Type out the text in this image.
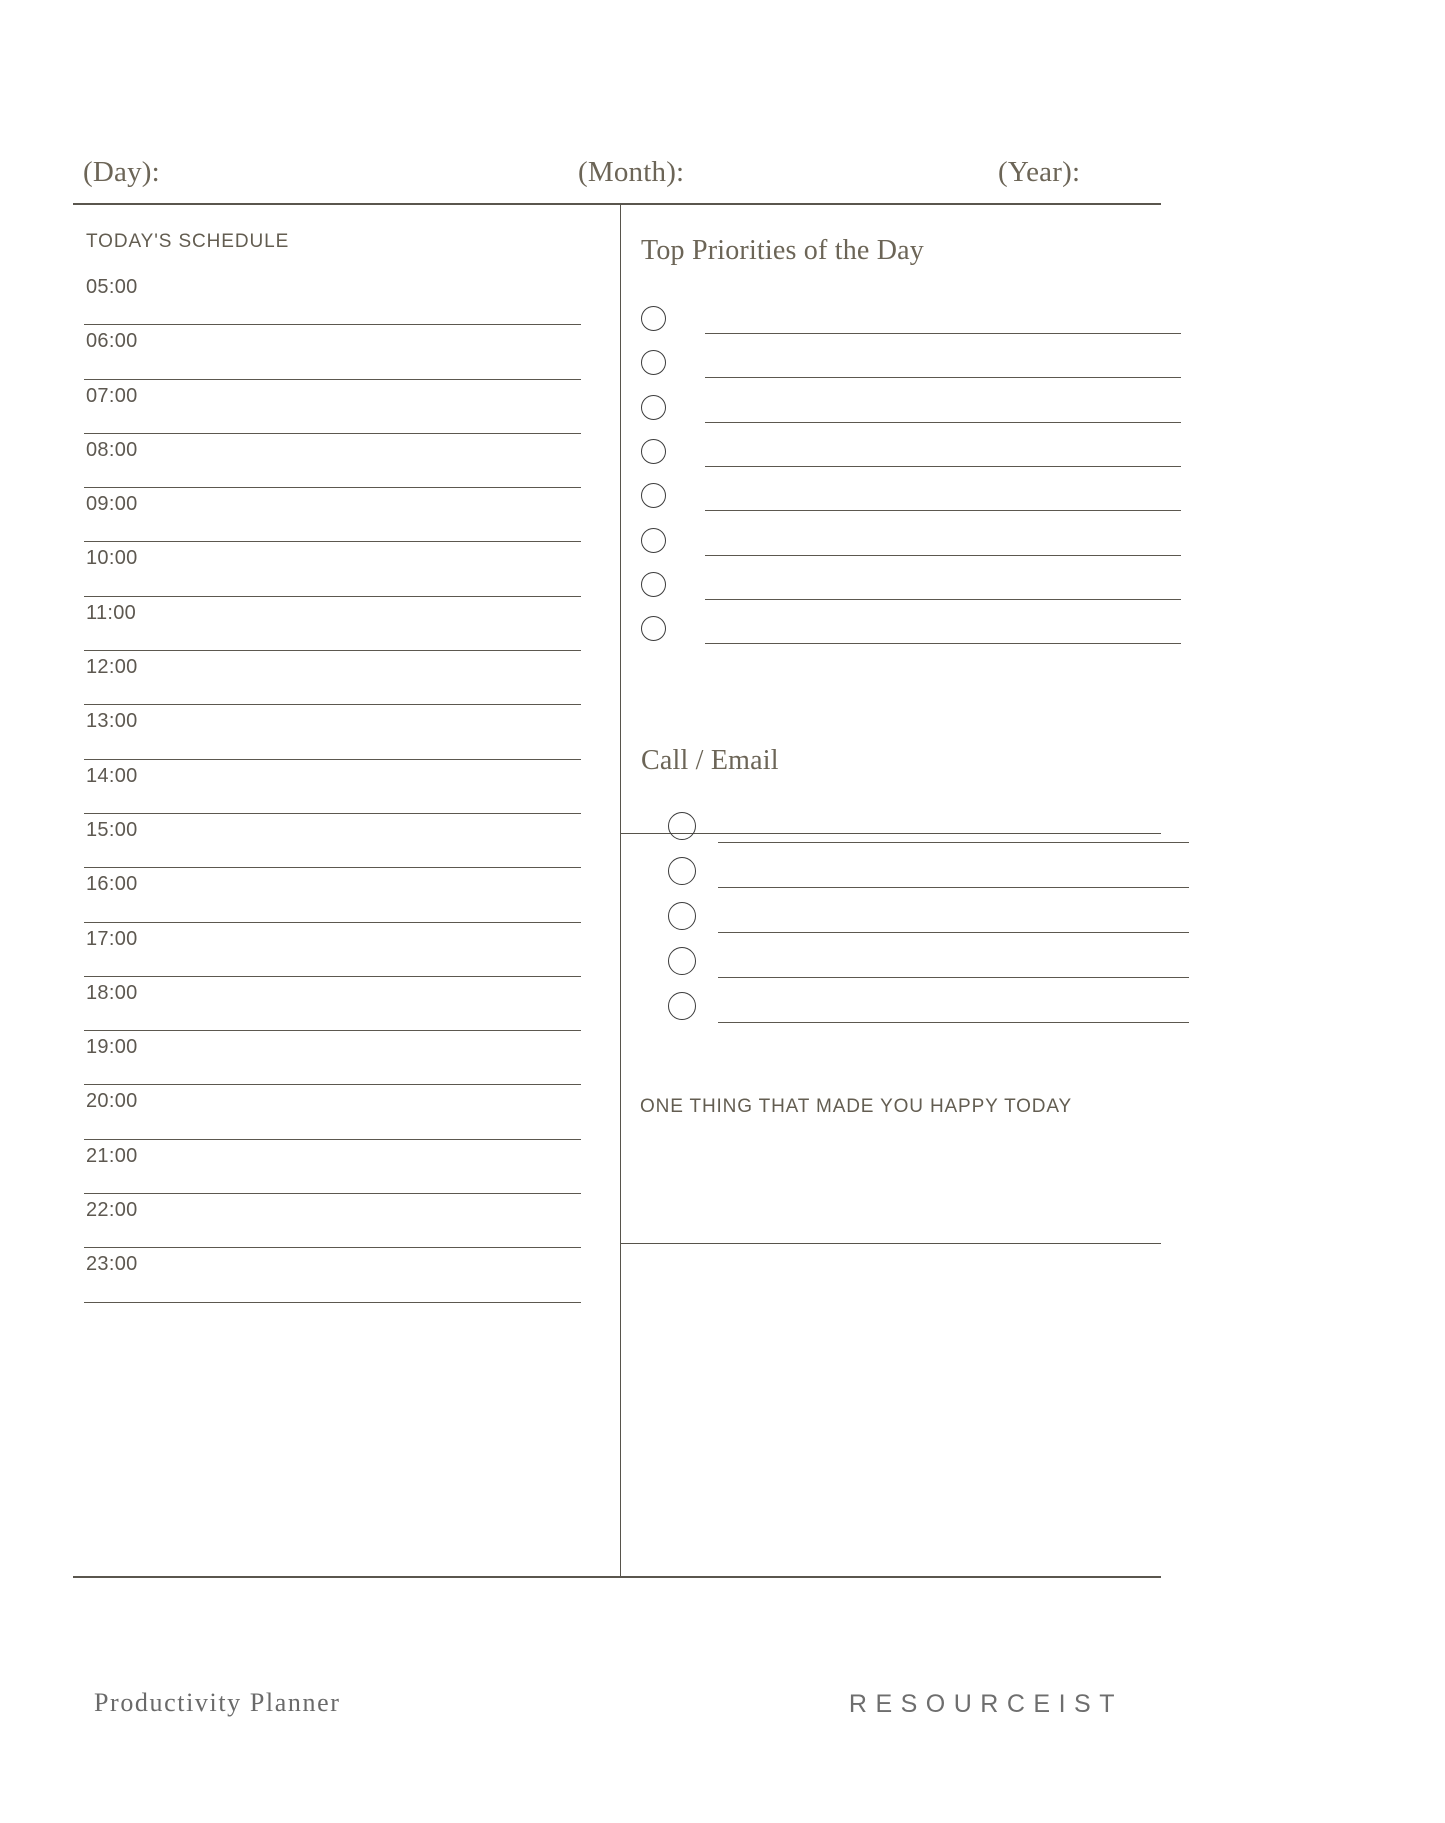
(Day):	(Month):	(Year):
TODAY'S SCHEDULE
05:00
06:00
07:00
08:00
09:00
10:00
11:00
12:00
13:00
14:00
15:00
16:00
17:00
18:00
19:00
20:00
21:00
22:00
23:00
Top Priorities of the Day
Call / Email
ONE THING THAT MADE YOU HAPPY TODAY
Productivity Planner	RESOURCEIST
